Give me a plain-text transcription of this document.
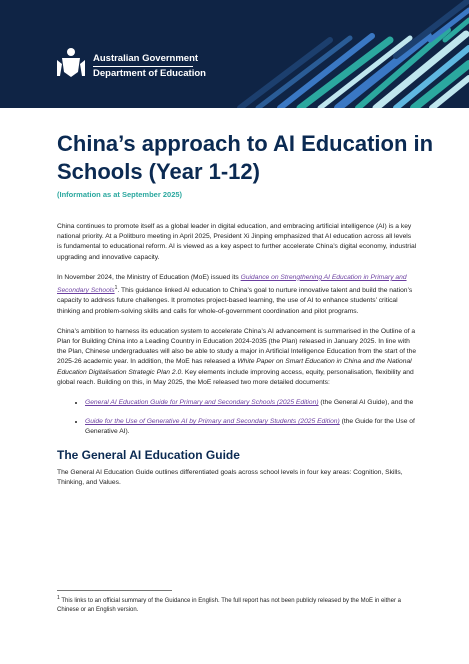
Australian Government
Department of Education
China’s approach to AI Education in Schools (Year 1-12)
(Information as at September 2025)

China continues to promote itself as a global leader in digital education, and embracing artificial intelligence (AI) is a key national priority. At a Politburo meeting in April 2025, President Xi Jinping emphasized that AI education across all levels is fundamental to educational reform. AI is viewed as a key aspect to further accelerate China’s digital economy, industrial upgrading and innovative capacity.

In November 2024, the Ministry of Education (MoE) issued its Guidance on Strengthening AI Education in Primary and Secondary Schools$^1$. This guidance linked AI education to China’s goal to nurture innovative talent and build the nation’s capacity to address future challenges. It promotes project-based learning, the use of AI to enhance students’ critical thinking and problem-solving skills and calls for whole-of-government coordination and pilot programs.

China’s ambition to harness its education system to accelerate China’s AI advancement is summarised in the Outline of a Plan for Building China into a Leading Country in Education 2024-2035 (the Plan) released in January 2025. In line with the Plan, Chinese undergraduates will also be able to study a major in Artificial Intelligence Education from the start of the 2025-26 academic year. In addition, the MoE has released a White Paper on Smart Education in China and the National Education Digitalisation Strategic Plan 2.0. Key elements include improving access, equity, personalisation, flexibility and global reach. Building on this, in May 2025, the MoE released two more detailed documents:

• General AI Education Guide for Primary and Secondary Schools (2025 Edition) (the General AI Guide), and the
• Guide for the Use of Generative AI by Primary and Secondary Students (2025 Edition) (the Guide for the Use of Generative AI).
The General AI Education Guide

The General AI Education Guide outlines differentiated goals across school levels in four key areas: Cognition, Skills, Thinking, and Values.

$^1$ This links to an official summary of the Guidance in English. The full report has not been publicly released by the MoE in either a Chinese or an English version.
